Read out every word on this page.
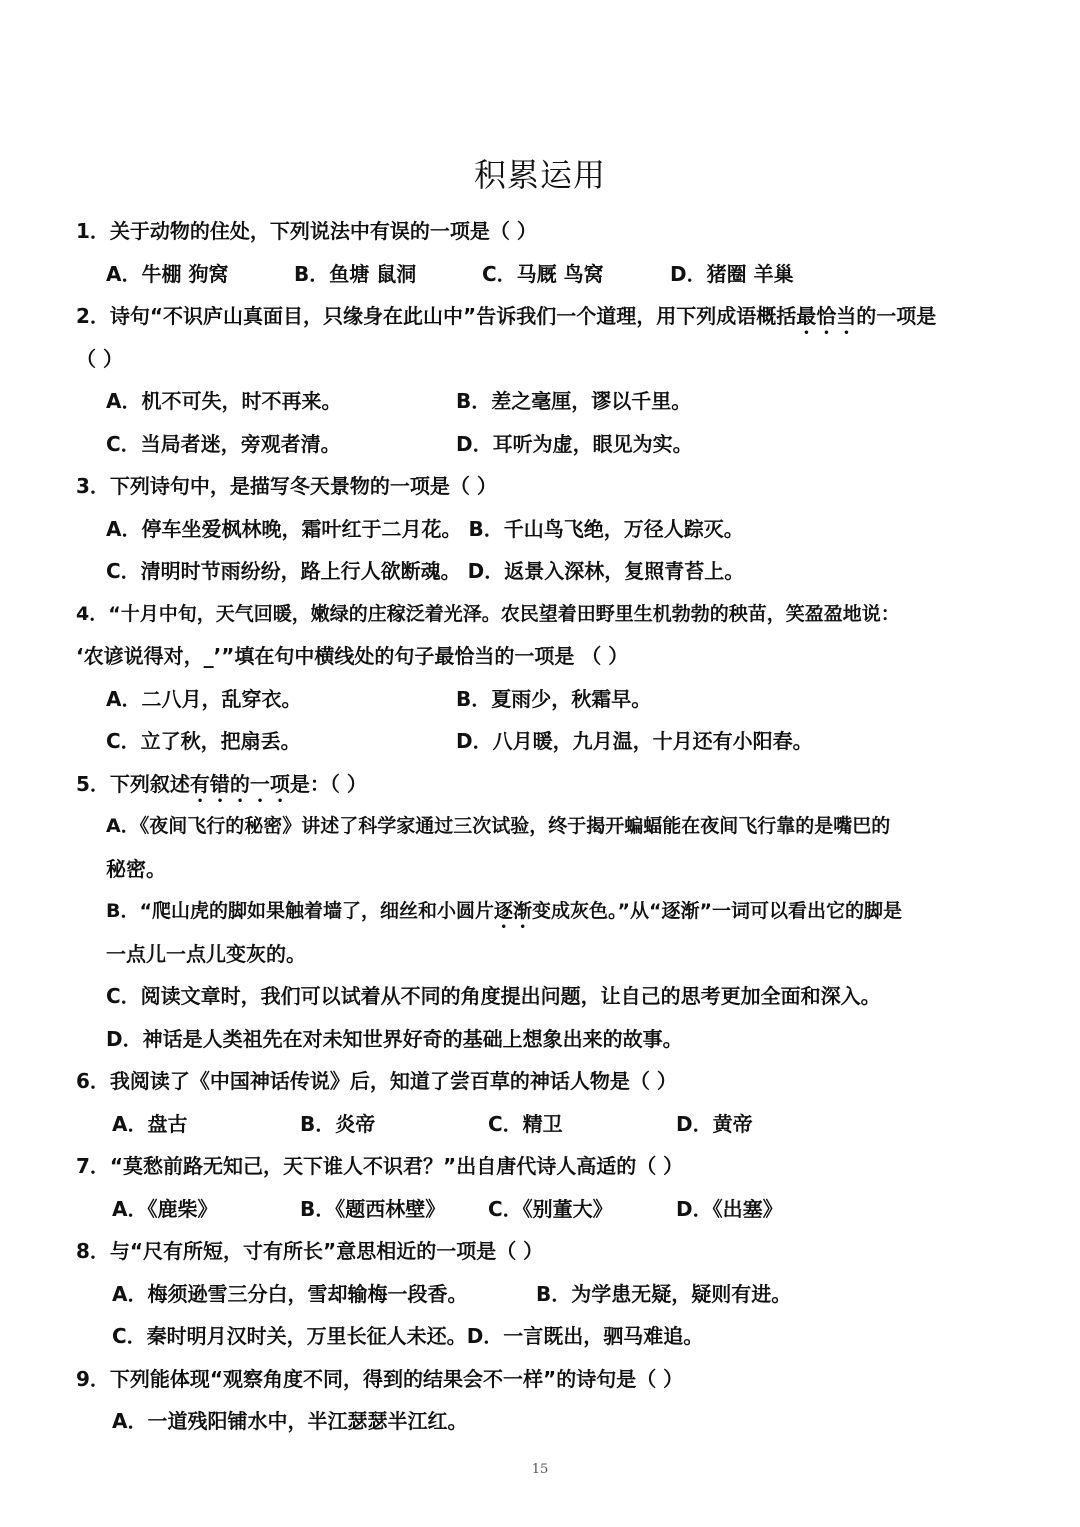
积累运用
1．关于动物的住处，下列说法中有误的一项是（ ）
A．牛棚 狗窝	B．鱼塘 鼠洞	C．马厩 鸟窝	D．猪圈 羊巢
2．诗句“不识庐山真面目，只缘身在此山中”告诉我们一个道理，用下列成语概括最恰当的一项是
（ ）
A．机不可失，时不再来。	B．差之毫厘，谬以千里。
C．当局者迷，旁观者清。	D．耳听为虚，眼见为实。
3．下列诗句中，是描写冬天景物的一项是（ ）
A．停车坐爱枫林晚，霜叶红于二月花。
B．千山鸟飞绝，万径人踪灭。
C．清明时节雨纷纷，路上行人欲断魂。
D．返景入深林，复照青苔上。
4．“十月中旬，天气回暖，嫩绿的庄稼泛着光泽。农民望着田野里生机勃勃的秧苗，笑盈盈地说：
‘农谚说得对，_’”填在句中横线处的句子最恰当的一项是 （ ）
A．二八月，乱穿衣。	B．夏雨少，秋霜早。
C．立了秋，把扇丢。	D．八月暖，九月温，十月还有小阳春。
5．下列叙述有错的一项是：（ ）
A．《夜间飞行的秘密》讲述了科学家通过三次试验，终于揭开蝙蝠能在夜间飞行靠的是嘴巴的
秘密。
B．“爬山虎的脚如果触着墙了，细丝和小圆片逐渐变成灰色。”从“逐渐”一词可以看出它的脚是
一点儿一点儿变灰的。
C．阅读文章时，我们可以试着从不同的角度提出问题，让自己的思考更加全面和深入。
D．神话是人类祖先在对未知世界好奇的基础上想象出来的故事。
6．我阅读了《中国神话传说》后，知道了尝百草的神话人物是（ ）
A．盘古	B．炎帝	C．精卫	D．黄帝
7．“莫愁前路无知己，天下谁人不识君？”出自唐代诗人高适的（ ）
A．《鹿柴》	B．《题西林壁》	C．《别董大》	D．《出塞》
8．与“尺有所短，寸有所长”意思相近的一项是（ ）
A．梅须逊雪三分白，雪却输梅一段香。	B．为学患无疑，疑则有进。
C．秦时明月汉时关，万里长征人未还。 D．一言既出，驷马难追。
9．下列能体现“观察角度不同，得到的结果会不一样”的诗句是（ ）
A．一道残阳铺水中，半江瑟瑟半江红。
15
